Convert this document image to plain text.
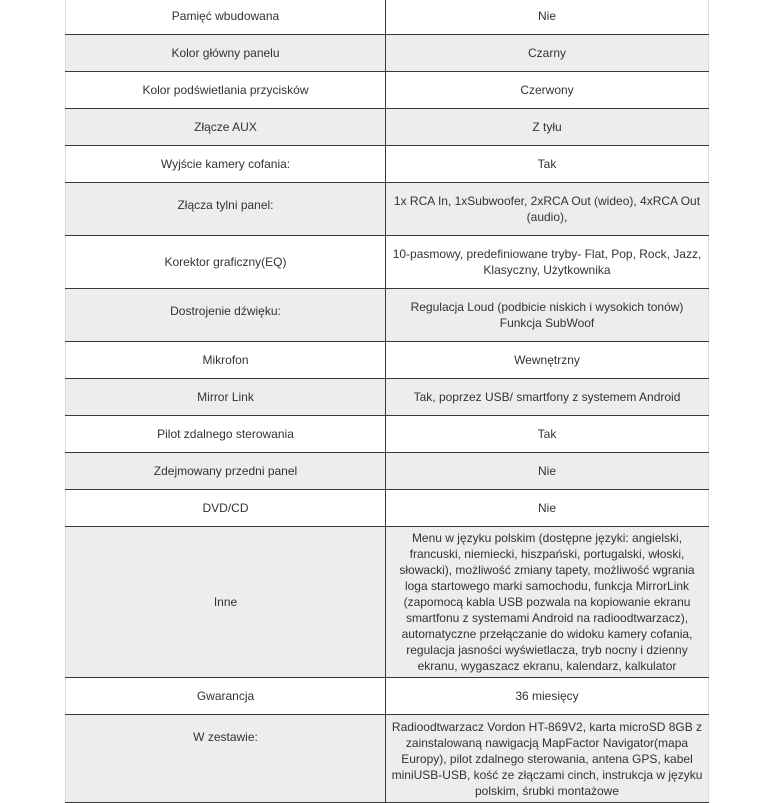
Pamięć wbudowana	Nie
Kolor główny panelu	Czarny
Kolor podświetlania przycisków	Czerwony
Złącze AUX	Z tyłu
Wyjście kamery cofania:	Tak
Złącza tylni panel:	1x RCA In, 1xSubwoofer, 2xRCA Out (wideo), 4xRCA Out (audio),
Korektor graficzny(EQ)	10-pasmowy, predefiniowane tryby- Flat, Pop, Rock, Jazz, Klasyczny, Użytkownika
Dostrojenie dźwięku:	Regulacja Loud (podbicie niskich i wysokich tonów) Funkcja SubWoof
Mikrofon	Wewnętrzny
Mirror Link	Tak, poprzez USB/ smartfony z systemem Android
Pilot zdalnego sterowania	Tak
Zdejmowany przedni panel	Nie
DVD/CD	Nie
Inne	Menu w języku polskim (dostępne języki: angielski, francuski, niemiecki, hiszpański, portugalski, włoski, słowacki), możliwość zmiany tapety, możliwość wgrania loga startowego marki samochodu, funkcja MirrorLink (zapomocą kabla USB pozwala na kopiowanie ekranu smartfonu z systemami Android na radioodtwarzacz), automatyczne przełączanie do widoku kamery cofania, regulacja jasności wyświetlacza, tryb nocny i dzienny ekranu, wygaszacz ekranu, kalendarz, kalkulator
Gwarancja	36 miesięcy
W zestawie:	Radioodtwarzacz Vordon HT-869V2, karta microSD 8GB z zainstalowaną nawigacją MapFactor Navigator(mapa Europy), pilot zdalnego sterowania, antena GPS, kabel miniUSB-USB, kość ze złączami cinch, instrukcja w języku polskim, śrubki montażowe
